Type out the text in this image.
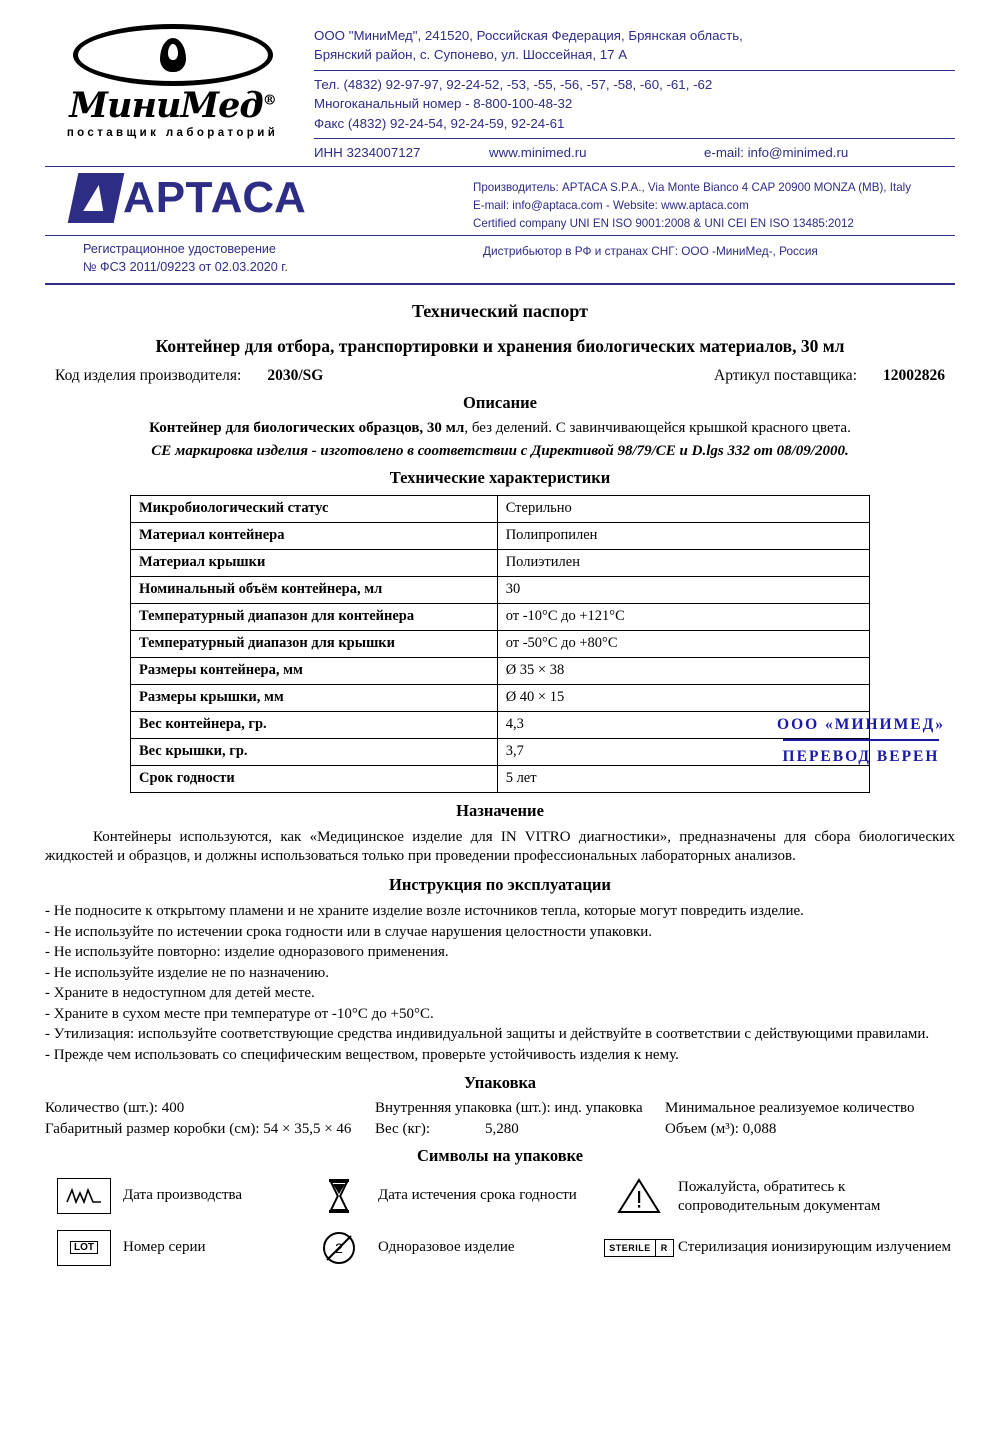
МиниМед®
поставщик лабораторий
ООО "МиниМед", 241520, Российская Федерация, Брянская область,
Брянский район, с. Супонево, ул. Шоссейная, 17 А
Тел. (4832) 92-97-97, 92-24-52, -53, -55, -56, -57, -58, -60, -61, -62
Многоканальный номер - 8-800-100-48-32
Факс (4832) 92-24-54, 92-24-59, 92-24-61
ИНН 3234007127	www.minimed.ru	e-mail: info@minimed.ru
АРТАСА	Производитель: APTACA S.P.A., Via Monte Bianco 4 CAP 20900 MONZA (MB), Italy
E-mail: info@aptaca.com - Website: www.aptaca.com
Certified company UNI EN ISO 9001:2008 & UNI CEI EN ISO 13485:2012
Регистрационное удостоверение
№ ФСЗ 2011/09223 от 02.03.2020 г.
Дистрибьютор в РФ и странах СНГ: ООО -МиниМед-, Россия
Технический паспорт
Контейнер для отбора, транспортировки и хранения биологических материалов, 30 мл
Код изделия производителя: 2030/SG	Артикул поставщика: 12002826
Описание
Контейнер для биологических образцов, 30 мл, без делений. С завинчивающейся крышкой красного цвета.
СЕ маркировка изделия - изготовлено в соответствии с Директивой 98/79/СЕ и D.lgs 332 от 08/09/2000.
Технические характеристики
Микробиологический статус	Стерильно
Материал контейнера	Полипропилен
Материал крышки	Полиэтилен
Номинальный объём контейнера, мл	30
Температурный диапазон для контейнера	от -10°С до +121°С
Температурный диапазон для крышки	от -50°С до +80°С
Размеры контейнера, мм	Ø 35 × 38
Размеры крышки, мм	Ø 40 × 15
Вес контейнера, гр.	4,3
Вес крышки, гр.	3,7
Срок годности	5 лет
Назначение
Контейнеры используются, как «Медицинское изделие для IN VITRO диагностики», предназначены для сбора биологических жидкостей и образцов, и должны использоваться только при проведении профессиональных лабораторных анализов.
Инструкция по эксплуатации
- Не подносите к открытому пламени и не храните изделие возле источников тепла, которые могут повредить изделие.
- Не используйте по истечении срока годности или в случае нарушения целостности упаковки.
- Не используйте повторно: изделие одноразового применения.
- Не используйте изделие не по назначению.
- Храните в недоступном для детей месте.
- Храните в сухом месте при температуре от -10°С до +50°С.
- Утилизация: используйте соответствующие средства индивидуальной защиты и действуйте в соответствии с действующими правилами.
- Прежде чем использовать со специфическим веществом, проверьте устойчивость изделия к нему.
Упаковка
Количество (шт.): 400	Внутренняя упаковка (шт.): инд. упаковка	Минимальное реализуемое количество
Габаритный размер коробки (см): 54 × 35,5 × 46	Вес (кг):	5,280	Объем (м³): 0,088
Символы на упаковке
Дата производства	Дата истечения срока годности	Пожалуйста, обратитесь к сопроводительным документам
LOT Номер серии	2 Одноразовое изделие	STERILE	R Стерилизация ионизирующим излучением
ООО «МИНИМЕД»
ПЕРЕВОД ВЕРЕН
